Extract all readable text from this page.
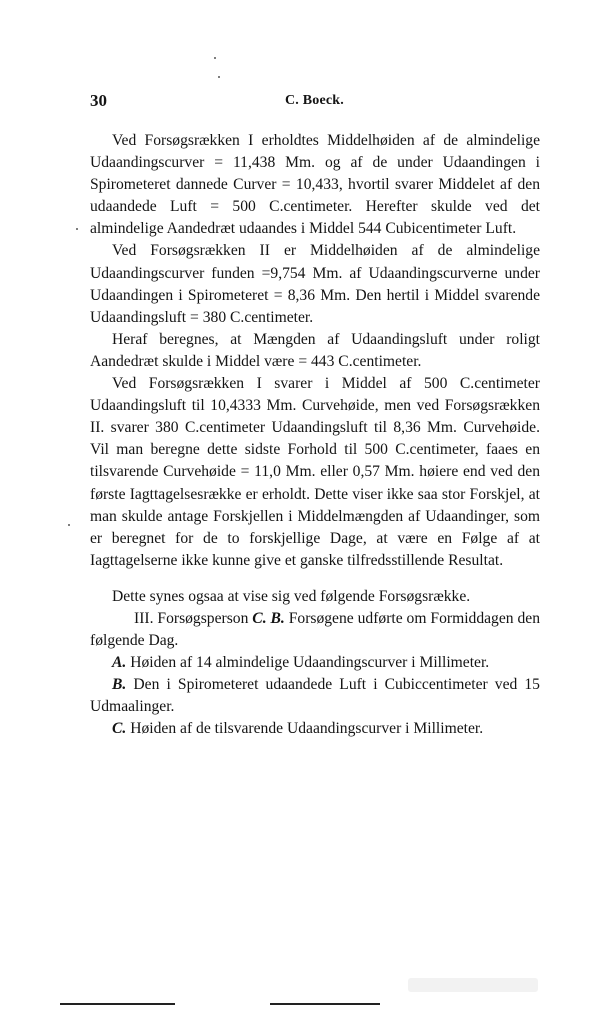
30	C. Boeck.

Ved Forsøgsrækken I erholdtes Middelhøiden af de almindelige Udaandingscurver = 11,438 Mm. og af de under Udaandingen i Spirometeret dannede Curver = 10,433, hvortil svarer Middelet af den udaandede Luft = 500 C.centimeter. Herefter skulde ved det almindelige Aandedræt udaandes i Middel 544 Cubicentimeter Luft.

Ved Forsøgsrækken II er Middelhøiden af de almindelige Udaandingscurver funden =9,754 Mm. af Udaandingscurverne under Udaandingen i Spirometeret = 8,36 Mm. Den hertil i Middel svarende Udaandingsluft = 380 C.centimeter.

Heraf beregnes, at Mængden af Udaandingsluft under roligt Aandedræt skulde i Middel være = 443 C.centimeter.

Ved Forsøgsrækken I svarer i Middel af 500 C.centimeter Udaandingsluft til 10,4333 Mm. Curvehøide, men ved Forsøgsrækken II. svarer 380 C.centimeter Udaandingsluft til 8,36 Mm. Curvehøide. Vil man beregne dette sidste Forhold til 500 C.centimeter, faaes en tilsvarende Curvehøide = 11,0 Mm. eller 0,57 Mm. høiere end ved den første Iagttagelsesrække er erholdt. Dette viser ikke saa stor Forskjel, at man skulde antage Forskjellen i Middelmængden af Udaandinger, som er beregnet for de to forskjellige Dage, at være en Følge af at Iagttagelserne ikke kunne give et ganske tilfredsstillende Resultat.

Dette synes ogsaa at vise sig ved følgende Forsøgsrække.

III. Forsøgsperson C. B. Forsøgene udførte om Formiddagen den følgende Dag.

A. Høiden af 14 almindelige Udaandingscurver i Millimeter.

B. Den i Spirometeret udaandede Luft i Cubiccentimeter ved 15 Udmaalinger.

C. Høiden af de tilsvarende Udaandingscurver i Millimeter.
